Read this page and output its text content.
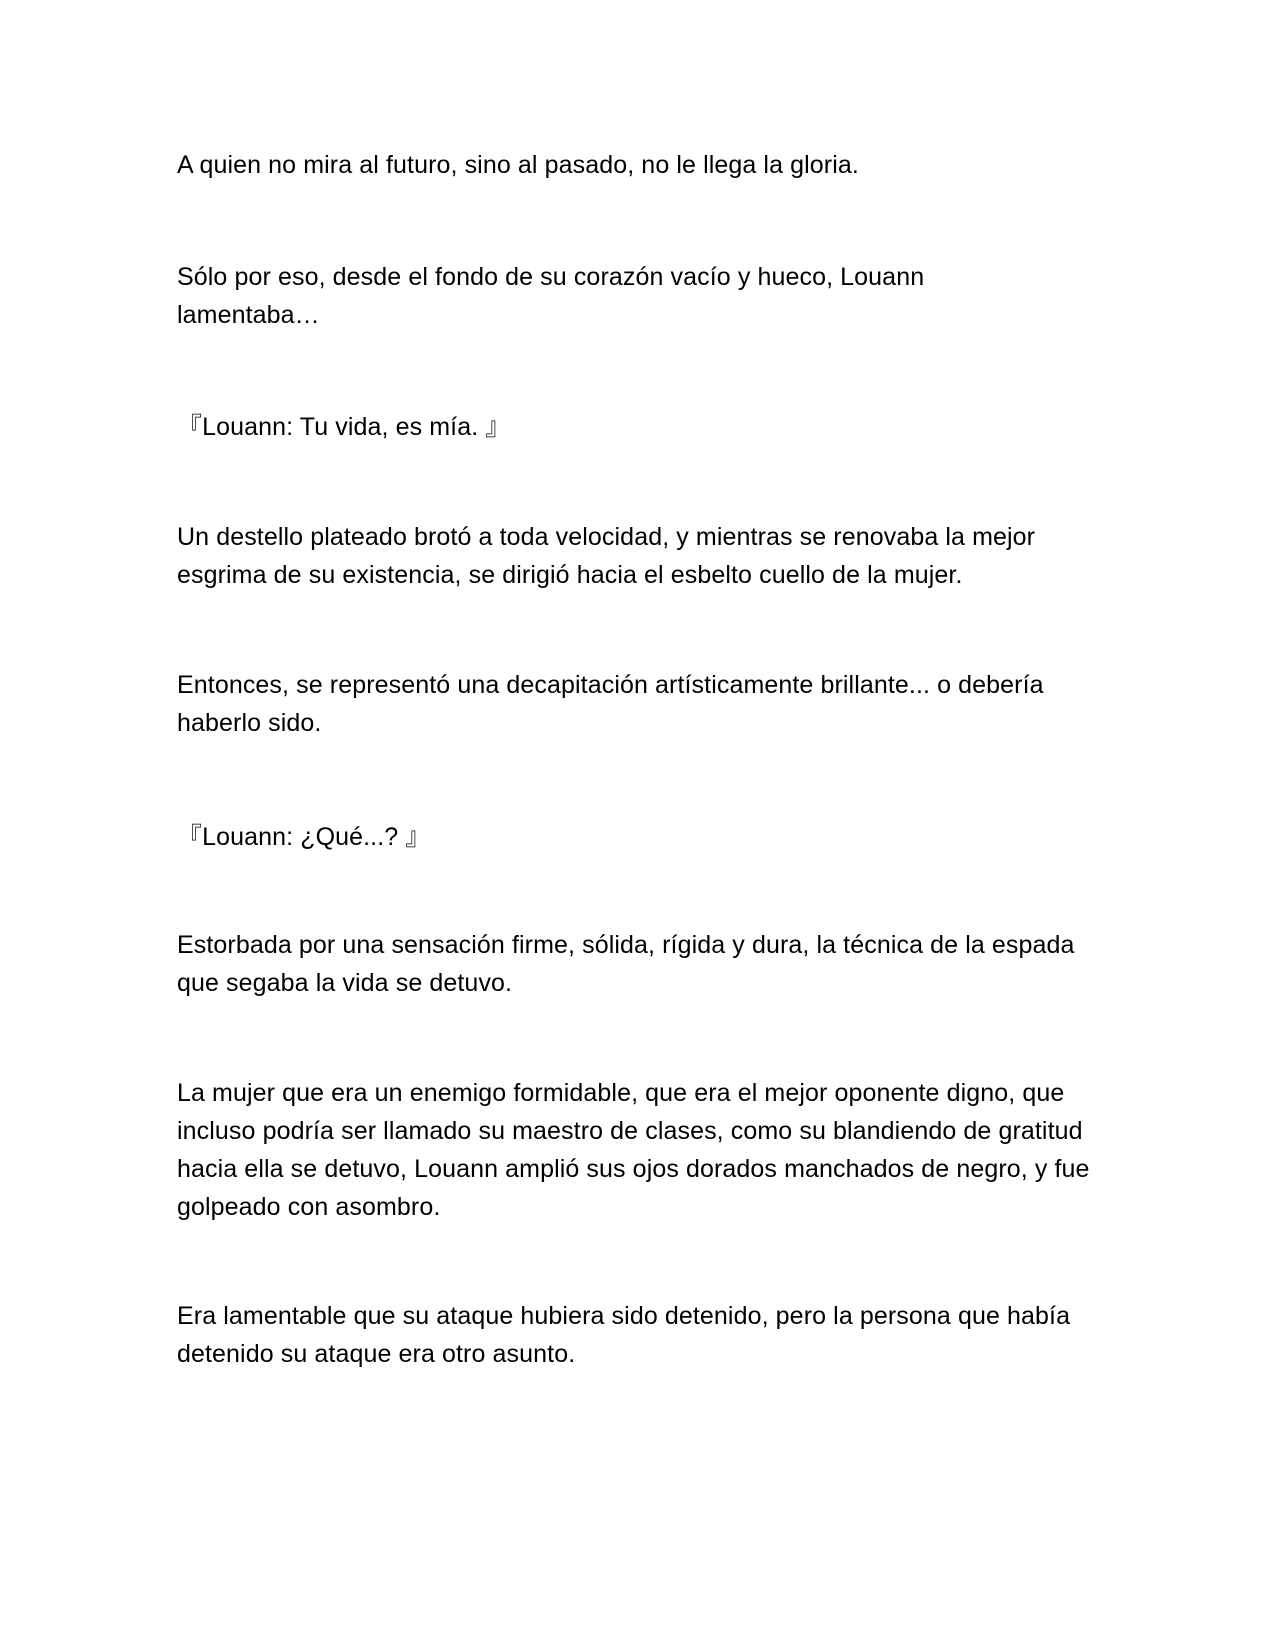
A quien no mira al futuro, sino al pasado, no le llega la gloria.

Sólo por eso, desde el fondo de su corazón vacío y hueco, Louann lamentaba…

『Louann: Tu vida, es mía. 』

Un destello plateado brotó a toda velocidad, y mientras se renovaba la mejor esgrima de su existencia, se dirigió hacia el esbelto cuello de la mujer.

Entonces, se representó una decapitación artísticamente brillante... o debería haberlo sido.

『Louann: ¿Qué...? 』

Estorbada por una sensación firme, sólida, rígida y dura, la técnica de la espada que segaba la vida se detuvo.

La mujer que era un enemigo formidable, que era el mejor oponente digno, que incluso podría ser llamado su maestro de clases, como su blandiendo de gratitud hacia ella se detuvo, Louann amplió sus ojos dorados manchados de negro, y fue golpeado con asombro.

Era lamentable que su ataque hubiera sido detenido, pero la persona que había detenido su ataque era otro asunto.
